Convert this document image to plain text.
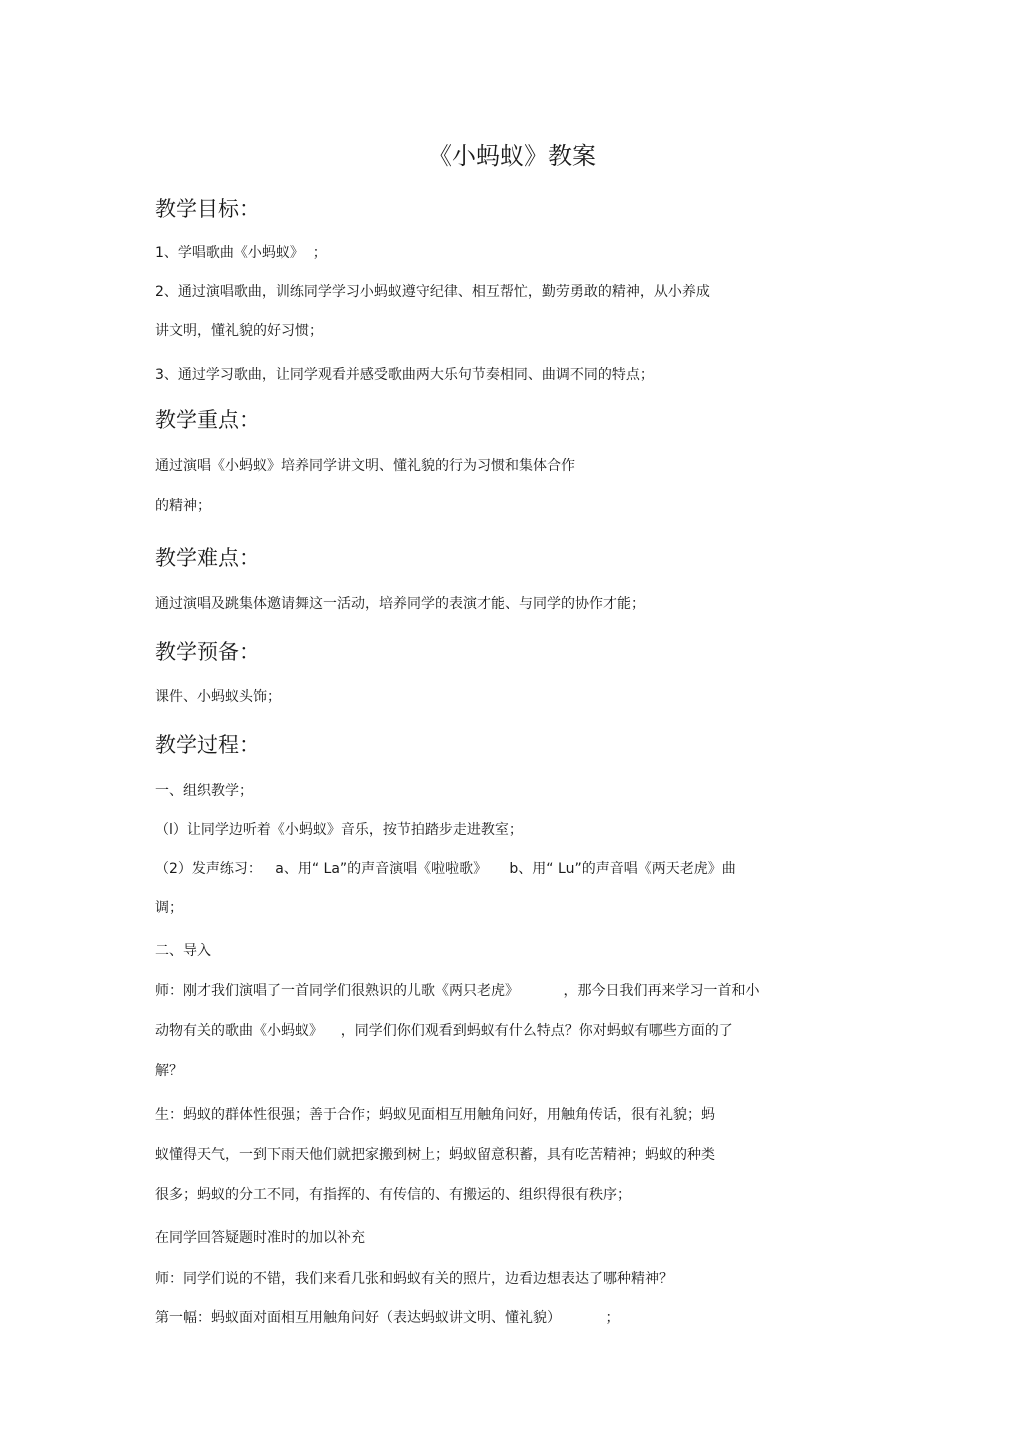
《小蚂蚁》教案
教学目标：
1、学唱歌曲《小蚂蚁》  ；
2、通过演唱歌曲，训练同学学习小蚂蚁遵守纪律、相互帮忙，勤劳勇敢的精神，从小养成
讲文明，懂礼貌的好习惯；
3、通过学习歌曲，让同学观看并感受歌曲两大乐句节奏相同、曲调不同的特点；
教学重点：
通过演唱《小蚂蚁》培养同学讲文明、懂礼貌的行为习惯和集体合作
的精神；
教学难点：
通过演唱及跳集体邀请舞这一活动，培养同学的表演才能、与同学的协作才能；
教学预备：
课件、小蚂蚁头饰；
教学过程：
一、组织教学；
（l）让同学边听着《小蚂蚁》音乐，按节拍踏步走进教室；
（2）发声练习：   a、用“ La”的声音演唱《啦啦歌》     b、用“ Lu”的声音唱《两天老虎》曲
调；
二、导入
师：刚才我们演唱了一首同学们很熟识的儿歌《两只老虎》          ，那今日我们再来学习一首和小
动物有关的歌曲《小蚂蚁》    ，同学们你们观看到蚂蚁有什么特点？你对蚂蚁有哪些方面的了
解？
生：蚂蚁的群体性很强；善于合作；蚂蚁见面相互用触角问好，用触角传话，很有礼貌；蚂
蚁懂得天气，一到下雨天他们就把家搬到树上；蚂蚁留意积蓄，具有吃苦精神；蚂蚁的种类
很多；蚂蚁的分工不同，有指挥的、有传信的、有搬运的、组织得很有秩序；
在同学回答疑题时准时的加以补充
师：同学们说的不错，我们来看几张和蚂蚁有关的照片，边看边想表达了哪种精神？
第一幅：蚂蚁面对面相互用触角问好（表达蚂蚁讲文明、懂礼貌）          ；
